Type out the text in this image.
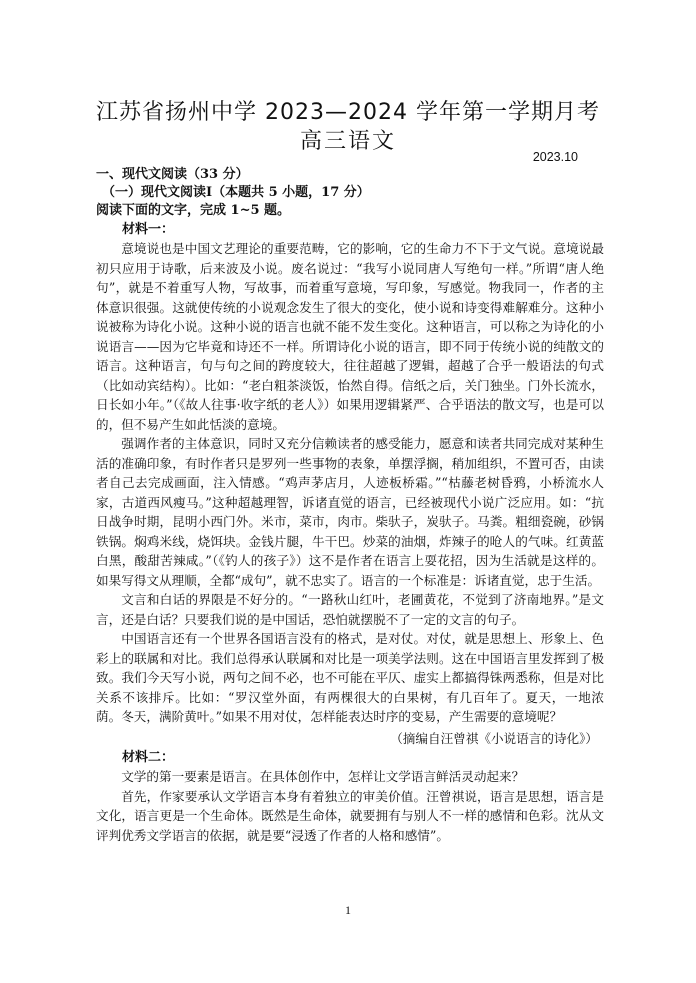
江苏省扬州中学 2023—2024 学年第一学期月考
高三语文
2023.10

一、现代文阅读（33 分）

（一）现代文阅读Ⅰ（本题共 5 小题，17 分）

阅读下面的文字，完成 1~5 题。

材料一：

意境说也是中国文艺理论的重要范畴，它的影响，它的生命力不下于文气说。意境说最初只应用于诗歌，后来波及小说。废名说过：“我写小说同唐人写绝句一样。”所谓“唐人绝句”，就是不着重写人物，写故事，而着重写意境，写印象，写感觉。物我同一，作者的主体意识很强。这就使传统的小说观念发生了很大的变化，使小说和诗变得难解难分。这种小说被称为诗化小说。这种小说的语言也就不能不发生变化。这种语言，可以称之为诗化的小说语言——因为它毕竟和诗还不一样。所谓诗化小说的语言，即不同于传统小说的纯散文的语言。这种语言，句与句之间的跨度较大，往往超越了逻辑，超越了合乎一般语法的句式（比如动宾结构）。比如：“老白粗茶淡饭，怡然自得。信纸之后，关门独坐。门外长流水，日长如小年。”（《故人往事·收字纸的老人》）如果用逻辑紧严、合乎语法的散文写，也是可以的，但不易产生如此恬淡的意境。

强调作者的主体意识，同时又充分信赖读者的感受能力，愿意和读者共同完成对某种生活的准确印象，有时作者只是罗列一些事物的表象，单摆浮搁，稍加组织，不置可否，由读者自己去完成画面，注入情感。“鸡声茅店月，人迹板桥霜。”“枯藤老树昏鸦，小桥流水人家，古道西风瘦马。”这种超越理智，诉诸直觉的语言，已经被现代小说广泛应用。如：“抗日战争时期，昆明小西门外。米市，菜市，肉市。柴驮子，炭驮子。马粪。粗细瓷碗，砂锅铁锅。焖鸡米线，烧饵块。金钱片腿，牛干巴。炒菜的油烟，炸辣子的呛人的气味。红黄蓝白黑，酸甜苦辣咸。”（《钓人的孩子》）这不是作者在语言上耍花招，因为生活就是这样的。如果写得文从理顺，全都“成句”，就不忠实了。语言的一个标准是：诉诸直觉，忠于生活。

文言和白话的界限是不好分的。“一路秋山红叶，老圃黄花，不觉到了济南地界。”是文言，还是白话？只要我们说的是中国话，恐怕就摆脱不了一定的文言的句子。

中国语言还有一个世界各国语言没有的格式，是对仗。对仗，就是思想上、形象上、色彩上的联属和对比。我们总得承认联属和对比是一项美学法则。这在中国语言里发挥到了极致。我们今天写小说，两句之间不必，也不可能在平仄、虚实上都搞得铢两悉称，但是对比关系不该排斥。比如：“罗汉堂外面，有两棵很大的白果树，有几百年了。夏天，一地浓荫。冬天，满阶黄叶。”如果不用对仗，怎样能表达时序的变易，产生需要的意境呢？

（摘编自汪曾祺《小说语言的诗化》）

材料二：

文学的第一要素是语言。在具体创作中，怎样让文学语言鲜活灵动起来？

首先，作家要承认文学语言本身有着独立的审美价值。汪曾祺说，语言是思想，语言是文化，语言更是一个生命体。既然是生命体，就要拥有与别人不一样的感情和色彩。沈从文评判优秀文学语言的依据，就是要“浸透了作者的人格和感情”。

1
